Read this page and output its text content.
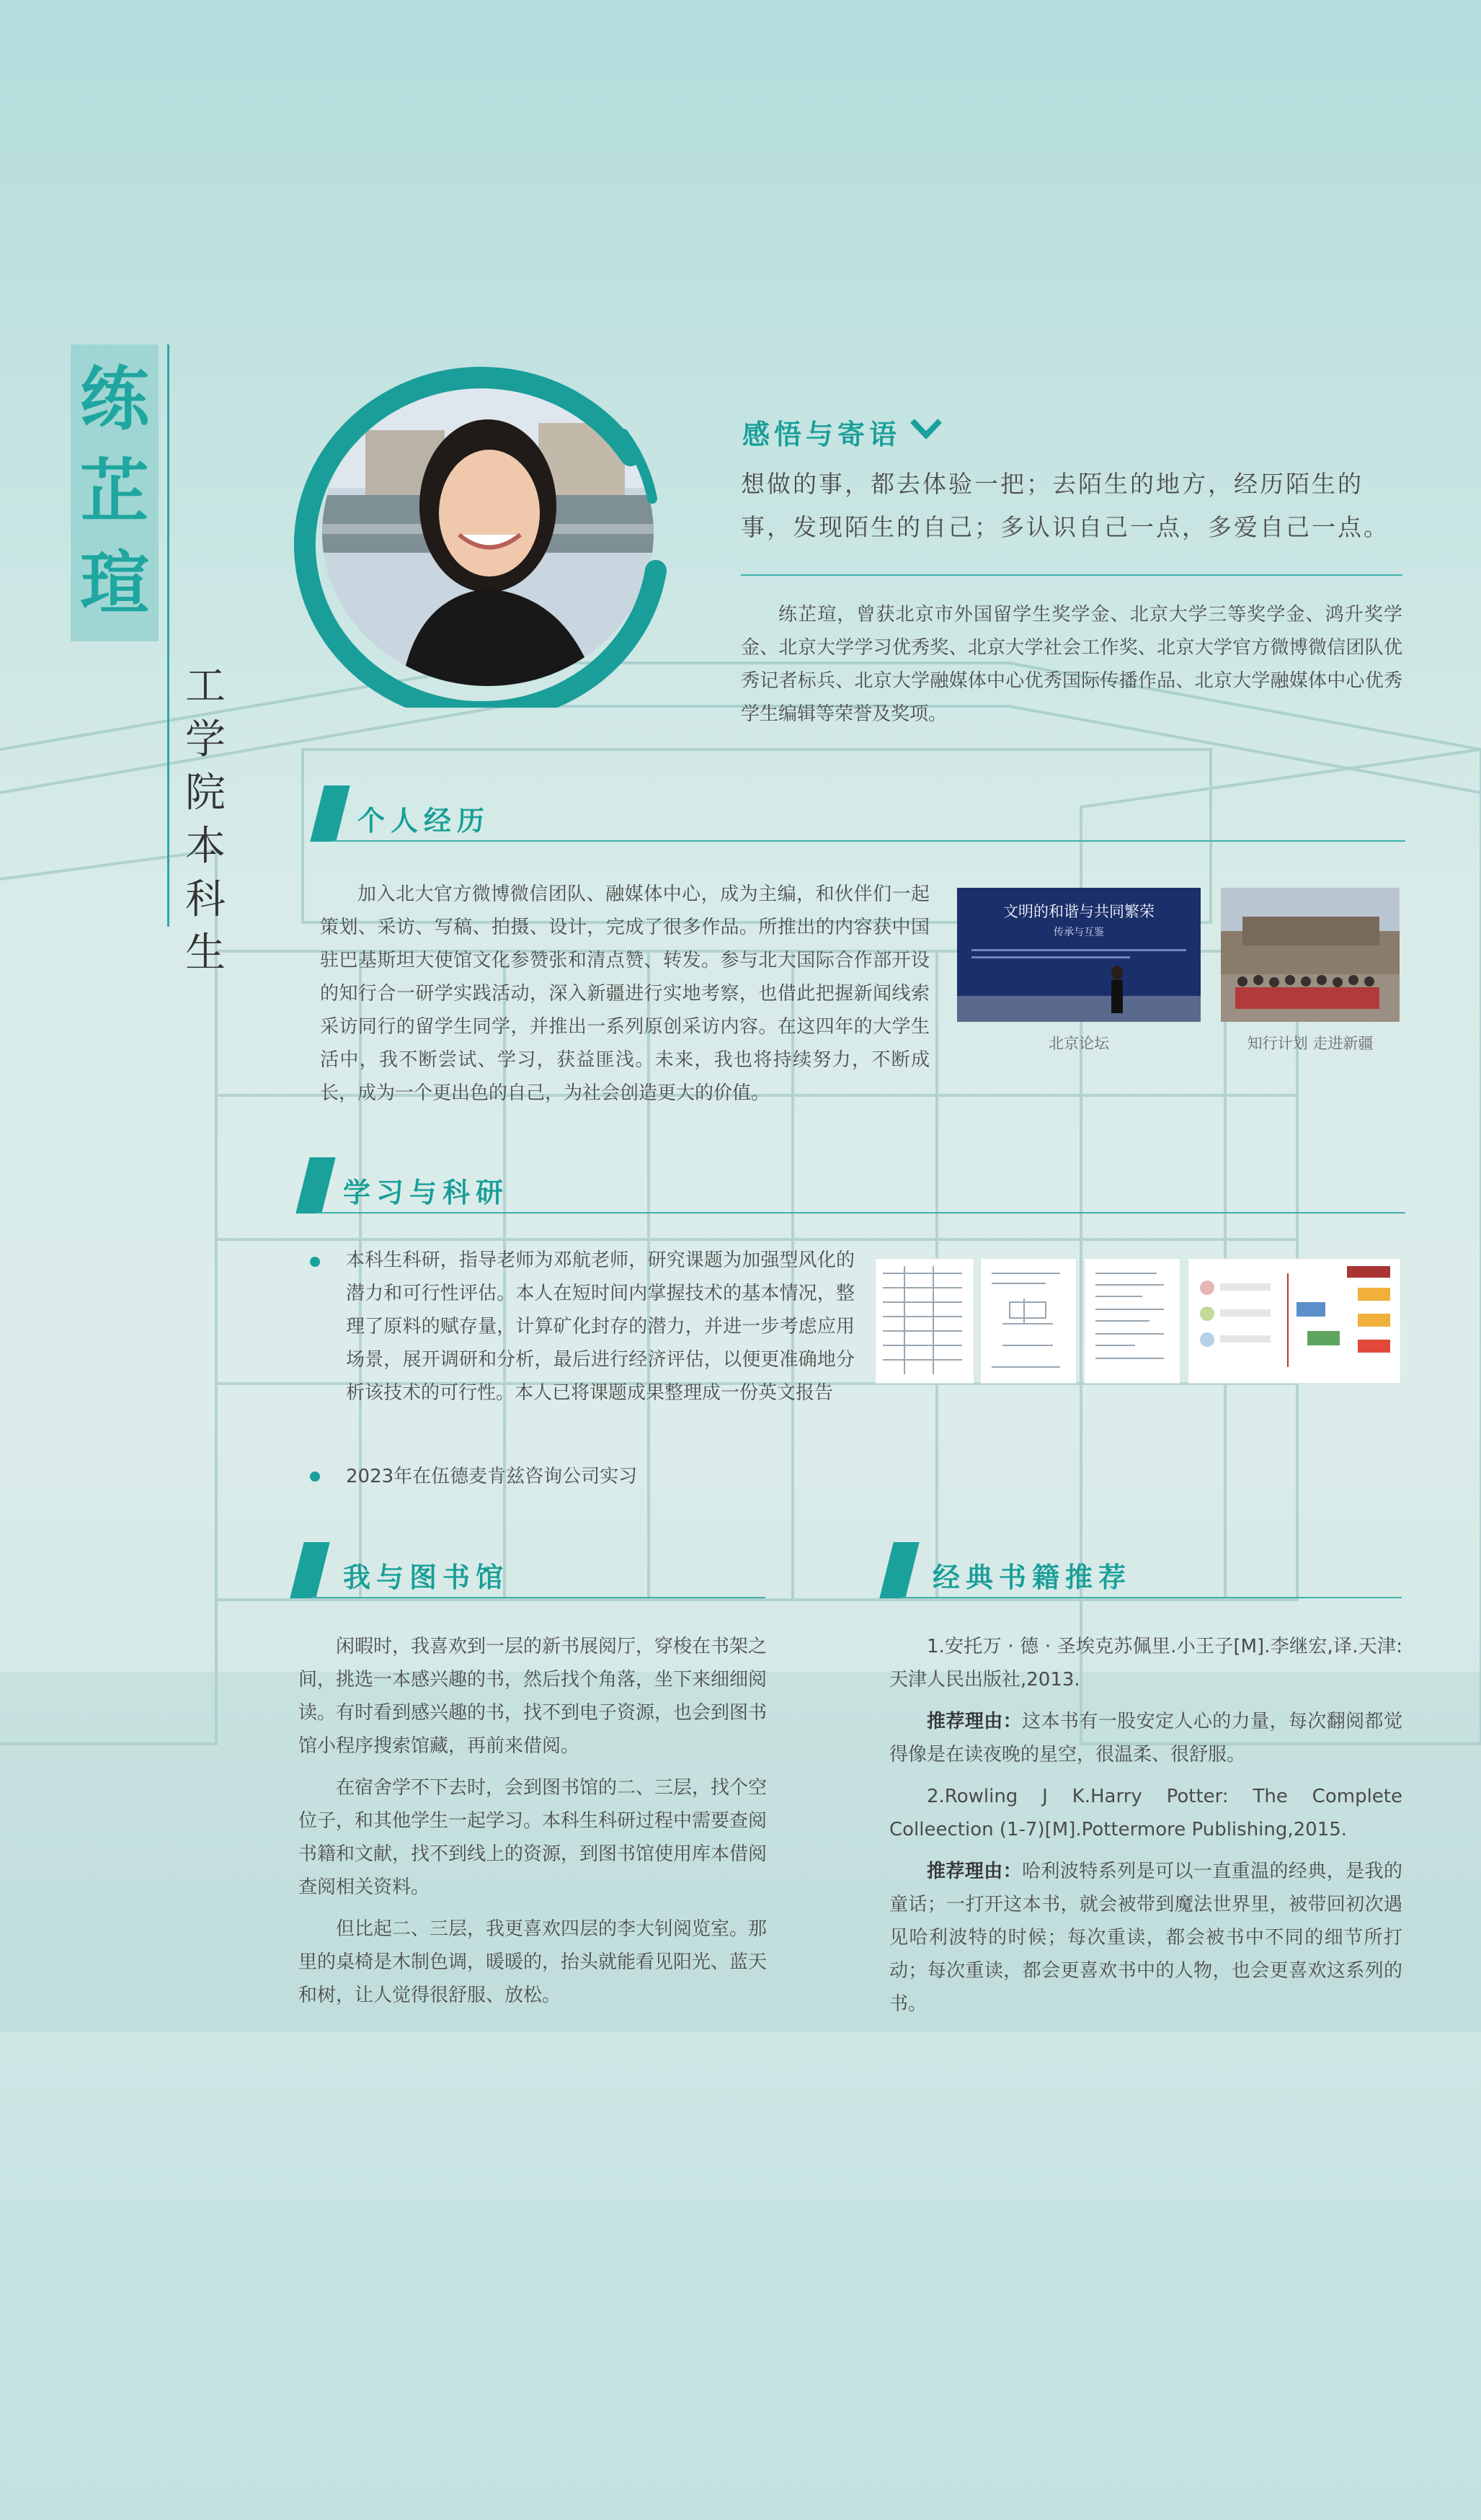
练芷瑄
工学院本科生
感悟与寄语
想做的事，都去体验一把；去陌生的地方，经历陌生的事，发现陌生的自己；多认识自己一点，多爱自己一点。

练芷瑄，曾获北京市外国留学生奖学金、北京大学三等奖学金、鸿升奖学金、北京大学学习优秀奖、北京大学社会工作奖、北京大学官方微博微信团队优秀记者标兵、北京大学融媒体中心优秀国际传播作品、北京大学融媒体中心优秀学生编辑等荣誉及奖项。

个人经历

加入北大官方微博微信团队、融媒体中心，成为主编，和伙伴们一起策划、采访、写稿、拍摄、设计，完成了很多作品。所推出的内容获中国驻巴基斯坦大使馆文化参赞张和清点赞、转发。参与北大国际合作部开设的知行合一研学实践活动，深入新疆进行实地考察，也借此把握新闻线索采访同行的留学生同学，并推出一系列原创采访内容。在这四年的大学生活中，我不断尝试、学习，获益匪浅。未来，我也将持续努力，不断成长，成为一个更出色的自己，为社会创造更大的价值。

文明的和谐与共同繁荣
传承与互鉴
北京论坛	知行计划 走进新疆
学习与科研
本科生科研，指导老师为邓航老师，研究课题为加强型风化的潜力和可行性评估。本人在短时间内掌握技术的基本情况，整理了原料的赋存量，计算矿化封存的潜力，并进一步考虑应用场景，展开调研和分析，最后进行经济评估，以便更准确地分析该技术的可行性。本人已将课题成果整理成一份英文报告
2023年在伍德麦肯兹咨询公司实习
我与图书馆

闲暇时，我喜欢到一层的新书展阅厅，穿梭在书架之间，挑选一本感兴趣的书，然后找个角落，坐下来细细阅读。有时看到感兴趣的书，找不到电子资源，也会到图书馆小程序搜索馆藏，再前来借阅。

在宿舍学不下去时，会到图书馆的二、三层，找个空位子，和其他学生一起学习。本科生科研过程中需要查阅书籍和文献，找不到线上的资源，到图书馆使用库本借阅查阅相关资料。

但比起二、三层，我更喜欢四层的李大钊阅览室。那里的桌椅是木制色调，暖暖的，抬头就能看见阳光、蓝天和树，让人觉得很舒服、放松。

经典书籍推荐

1.安托万 · 德 · 圣埃克苏佩里.小王子[M].李继宏,译.天津:天津人民出版社,2013.

推荐理由：这本书有一股安定人心的力量，每次翻阅都觉得像是在读夜晚的星空，很温柔、很舒服。

2.Rowling J K.Harry Potter: The Complete Colleection (1-7)[M].Pottermore Publishing,2015.

推荐理由：哈利波特系列是可以一直重温的经典，是我的童话；一打开这本书，就会被带到魔法世界里，被带回初次遇见哈利波特的时候；每次重读，都会被书中不同的细节所打动；每次重读，都会更喜欢书中的人物，也会更喜欢这系列的书。
